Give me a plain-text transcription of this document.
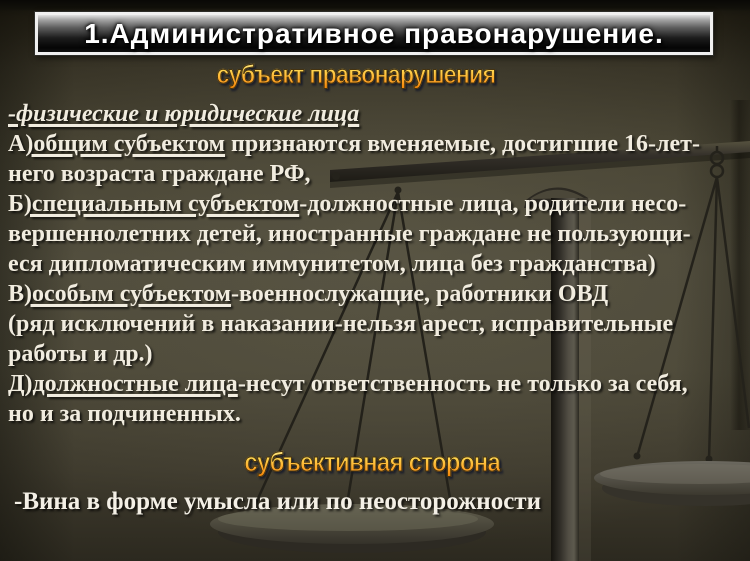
1.Административное правонарушение.
субъект правонарушения
-физические и юридические лица
А)общим субъектом признаются вменяемые, достигшие 16-лет-
него возраста граждане РФ,
Б)специальным субъектом-должностные лица, родители несо-
вершеннолетних детей, иностранные граждане не пользующи-
еся дипломатическим иммунитетом, лица без гражданства)
В)особым субъектом-военнослужащие, работники ОВД
(ряд исключений в наказании-нельзя арест, исправительные
работы и др.)
Д)должностные лица-несут ответственность не только за себя,
но и за подчиненных.
субъективная сторона
-Вина в форме умысла или по неосторожности
